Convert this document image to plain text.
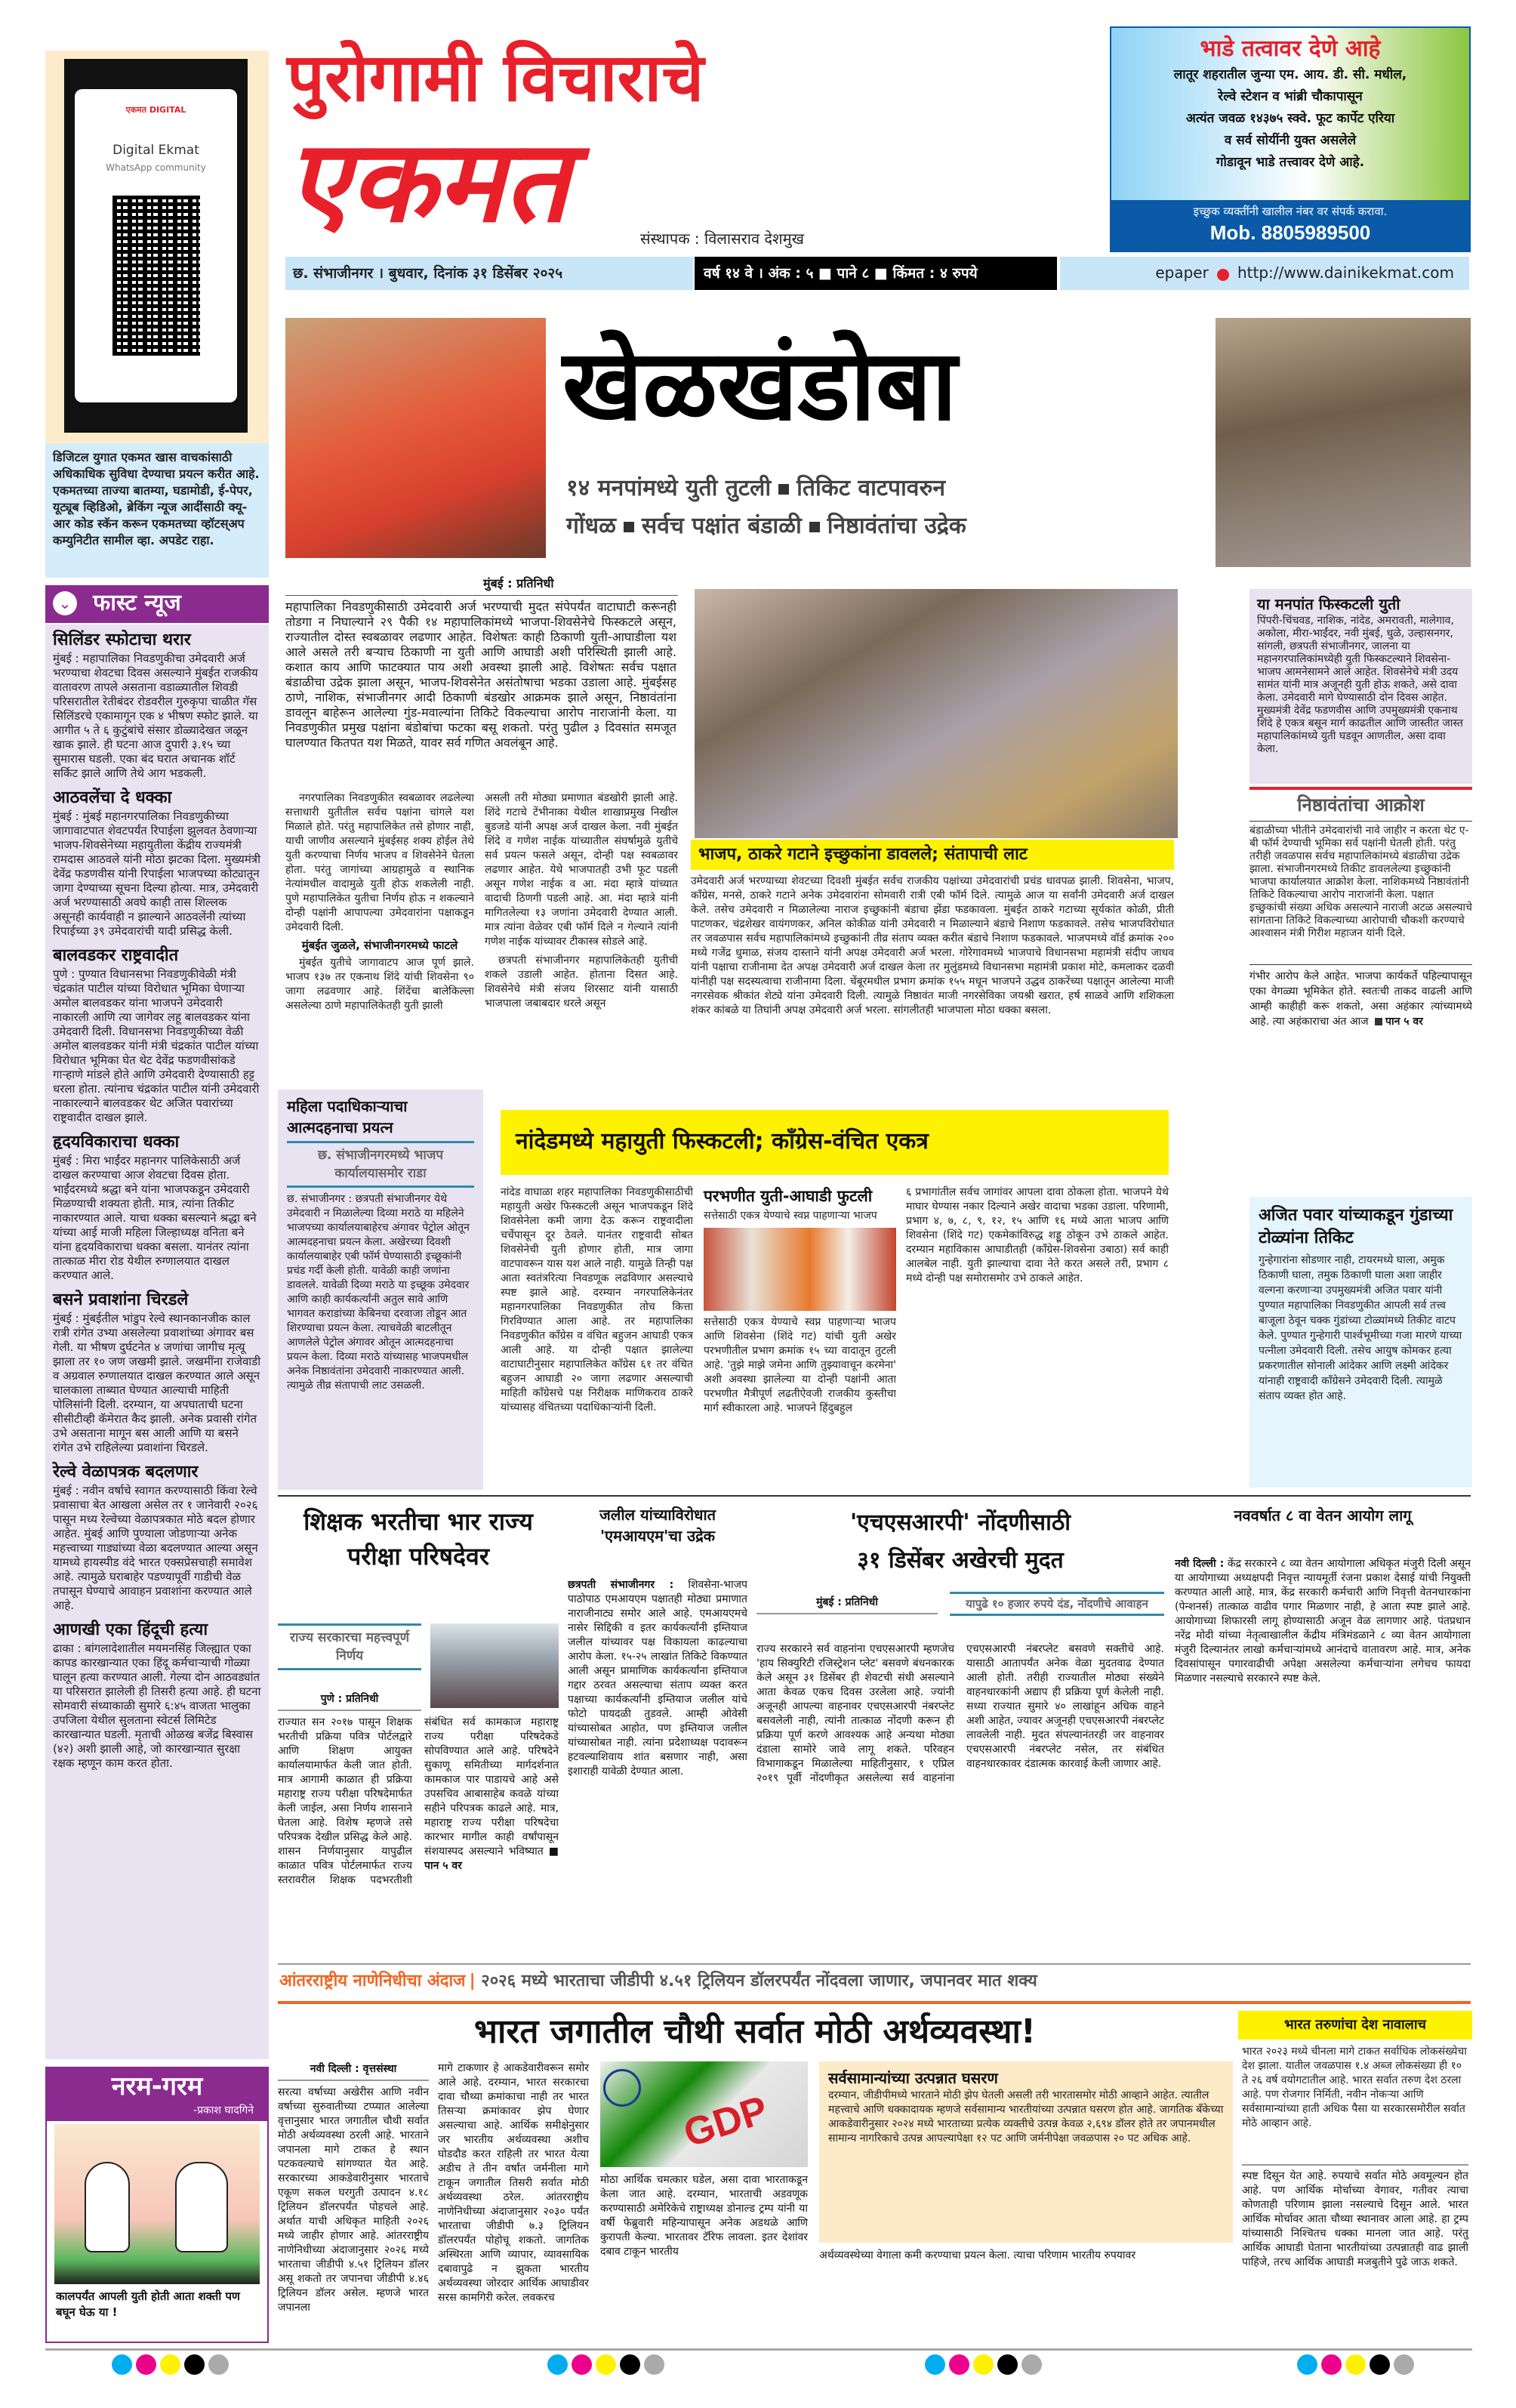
एकमत DIGITAL
Digital Ekmat
WhatsApp community
डिजिटल युगात एकमत खास वाचकांसाठी अधिकाधिक सुविधा देण्याचा प्रयत्न करीत आहे. एकमतच्या ताज्या बातम्या, घडामोडी, ई-पेपर, यूट्यूब व्हिडिओ, ब्रेकिंग न्यूज आदींसाठी क्यू-आर कोड स्कॅन करून एकमतच्या व्हॉटस्अप कम्युनिटीत सामील व्हा. अपडेट राहा.
पुरोगामी विचाराचे
एकमत	संस्थापक : विलासराव देशमुख
छ. संभाजीनगर । बुधवार, दिनांक ३१ डिसेंबर २०२५	वर्ष १४ वे । अंक : ५ ■ पाने ८ ■ किंमत : ४ रुपये	epaper http://www.dainikekmat.com
भाडे तत्वावर देणे आहे
लातूर शहरातील जुन्या एम. आय. डी. सी. मधील,
रेल्वे स्टेशन व भांब्री चौकापासून
अत्यंत जवळ १४३७५ स्क्वे. फूट कार्पेट एरिया
व सर्व सोयींनी युक्त असलेले
गोडावून भाडे तत्त्वावर देणे आहे.
इच्छुक व्यक्तींनी खालील नंबर वर संपर्क करावा.
Mob. 8805989500
⌄ फास्ट न्यूज
सिलिंडर स्फोटाचा थरार
मुंबई : महापालिका निवडणुकीचा उमेदवारी अर्ज भरण्याचा शेवटचा दिवस असल्याने मुंबईत राजकीय वातावरण तापले असताना वडाळ्यातील शिवडी परिसरातील रेतीबंदर रोडवरील गुरुकृपा चाळीत गॅस सिलिंडरचे एकामागून एक ४ भीषण स्फोट झाले. या आगीत ५ ते ६ कुटुंबांचे संसार डोळ्यादेखत जळून खाक झाले. ही घटना आज दुपारी ३.१५ च्या सुमारास घडली. एका बंद घरात अचानक शॉर्ट सर्किट झाले आणि तेथे आग भडकली.
आठवलेंचा दे धक्का
मुंबई : मुंबई महानगरपालिका निवडणुकीच्या जागावाटपात शेवटपर्यंत रिपाईला झुलवत ठेवणाऱ्या भाजप-शिवसेनेच्या महायुतीला केंद्रीय राज्यमंत्री रामदास आठवले यांनी मोठा झटका दिला. मुख्यमंत्री देवेंद्र फडणवीस यांनी रिपाईला भाजपच्या कोट्यातून जागा देण्याच्या सूचना दिल्या होत्या. मात्र, उमेदवारी अर्ज भरण्यासाठी अवघे काही तास शिल्लक असूनही कार्यवाही न झाल्याने आठवलेंनी त्यांच्या रिपाईच्या ३९ उमेदवारांची यादी प्रसिद्ध केली.
बालवडकर राष्ट्रवादीत
पुणे : पुण्यात विधानसभा निवडणुकीवेळी मंत्री चंद्रकांत पाटील यांच्या विरोधात भूमिका घेणाऱ्या अमोल बालवडकर यांना भाजपने उमेदवारी नाकारली आणि त्या जागेवर लहू बालवडकर यांना उमेदवारी दिली. विधानसभा निवडणुकीच्या वेळी अमोल बालवडकर यांनी मंत्री चंद्रकांत पाटील यांच्या विरोधात भूमिका घेत थेट देवेंद्र फडणवीसांकडे गाऱ्हाणे मांडले होते आणि उमेदवारी देण्यासाठी हट्ट धरला होता. त्यांनाच चंद्रकांत पाटील यांनी उमेदवारी नाकारल्याने बालवडकर थेट अजित पवारांच्या राष्ट्रवादीत दाखल झाले.
हृदयविकाराचा धक्का
मुंबई : मिरा भाईंदर महानगर पालिकेसाठी अर्ज दाखल करण्याचा आज शेवटचा दिवस होता. भाईंदरमध्ये श्रद्धा बने यांना भाजपकडून उमेदवारी मिळण्याची शक्यता होती. मात्र, त्यांना तिकीट नाकारण्यात आले. याचा धक्का बसल्याने श्रद्धा बने यांच्या आई माजी महिला जिल्हाध्यक्ष वनिता बने यांना हृदयविकाराचा धक्का बसला. यानंतर त्यांना तात्काळ मीरा रोड येथील रुग्णालयात दाखल करण्यात आले.
बसने प्रवाशांना चिरडले
मुंबई : मुंबईतील भांडुप रेल्वे स्थानकानजीक काल रात्री रांगेत उभ्या असलेल्या प्रवाशांच्या अंगावर बस गेली. या भीषण दुर्घटनेत ४ जणांचा जागीच मृत्यू झाला तर १० जण जखमी झाले. जखमींना राजेवाडी व अग्रवाल रुग्णालयात दाखल करण्यात आले असून चालकाला ताब्यात घेण्यात आल्याची माहिती पोलिसांनी दिली. दरम्यान, या अपघाताची घटना सीसीटीव्ही कॅमेरात कैद झाली. अनेक प्रवासी रांगेत उभे असताना मागून बस आली आणि या बसने रांगेत उभे राहिलेल्या प्रवाशांना चिरडले.
रेल्वे वेळापत्रक बदलणार
मुंबई : नवीन वर्षाचे स्वागत करण्यासाठी किंवा रेल्वे प्रवासाचा बेत आखला असेल तर १ जानेवारी २०२६ पासून मध्य रेल्वेच्या वेळापत्रकात मोठे बदल होणार आहेत. मुंबई आणि पुण्याला जोडणाऱ्या अनेक महत्त्वाच्या गाड्यांच्या वेळा बदलण्यात आल्या असून यामध्ये हायस्पीड वंदे भारत एक्सप्रेसचाही समावेश आहे. त्यामुळे घराबाहेर पडण्यापूर्वी गाडीची वेळ तपासून घेण्याचे आवाहन प्रवाशांना करण्यात आले आहे.
आणखी एका हिंदूची हत्या
ढाका : बांगलादेशातील मयमनसिंह जिल्ह्यात एका कापड कारखान्यात एका हिंदू कर्मचाऱ्याची गोळ्या घालून हत्या करण्यात आली. गेल्या दोन आठवड्यांत या परिसरात झालेली ही तिसरी हत्या आहे. ही घटना सोमवारी संध्याकाळी सुमारे ६:४५ वाजता भालुका उपजिला येथील सुलताना स्वेटर्स लिमिटेड कारखान्यात घडली. मृताची ओळख बजेंद्र बिस्वास (४२) अशी झाली आहे, जो कारखान्यात सुरक्षा रक्षक म्हणून काम करत होता.
नरम-गरम
-प्रकाश घादगिने
कालपर्यंत आपली युती होती आता शक्ती पण बघून घेऊ या !
खेळखंडोबा
१४ मनपांमध्ये युती तुटली तिकिट वाटपावरुन
गोंधळ सर्वच पक्षांत बंडाळी निष्ठावंतांचा उद्रेक
मुंबई : प्रतिनिधी
महापालिका निवडणुकीसाठी उमेदवारी अर्ज भरण्याची मुदत संपेपर्यंत वाटाघाटी करूनही तोडगा न निघाल्याने २९ पैकी १४ महापालिकांमध्ये भाजपा-शिवसेनेचे फिस्कटले असून, राज्यातील दोस्त स्वबळावर लढणार आहेत. विशेषतः काही ठिकाणी युती-आघाडीला यश आले असले तरी बऱ्याच ठिकाणी ना युती आणि आघाडी अशी परिस्थिती झाली आहे. कशात काय आणि फाटक्यात पाय अशी अवस्था झाली आहे. विशेषतः सर्वच पक्षात बंडाळीचा उद्रेक झाला असून, भाजप-शिवसेनेत असंतोषाचा भडका उडाला आहे. मुंबईसह ठाणे, नाशिक, संभाजीनगर आदी ठिकाणी बंडखोर आक्रमक झाले असून, निष्ठावंतांना डावलून बाहेरून आलेल्या गुंड-मवाल्यांना तिकिटे विकल्याचा आरोप नाराजांनी केला. या निवडणुकीत प्रमुख पक्षांना बंडोबांचा फटका बसू शकतो. परंतु पुढील ३ दिवसांत समजूत घालण्यात कितपत यश मिळते, यावर सर्व गणित अवलंबून आहे.

नगरपालिका निवडणुकीत स्वबळावर लढलेल्या सत्ताधारी युतीतील सर्वच पक्षांना चांगले यश मिळाले होते. परंतु महापालिकेत तसे होणार नाही, याची जाणीव असल्याने मुंबईसह शक्य होईल तेथे युती करण्याचा निर्णय भाजप व शिवसेनेने घेतला होता. परंतु जागांच्या आग्रहामुळे व स्थानिक नेत्यांमधील वादामुळे युती होऊ शकलेली नाही. पुणे महापालिकेत युतीचा निर्णय होऊ न शकल्याने दोन्ही पक्षांनी आपापल्या उमेदवारांना पक्षाकडून उमेदवारी दिली.

मुंबईत जुळले, संभाजीनगरमध्ये फाटले

मुंबईत युतीचे जागावाटप आज पूर्ण झाले. भाजप १३७ तर एकनाथ शिंदे यांची शिवसेना ९० जागा लढवणार आहे. शिंदेंचा बालेकिल्ला असलेल्या ठाणे महापालिकेतही युती झाली

असली तरी मोठ्या प्रमाणात बंडखोरी झाली आहे. शिंदे गटाचे टेंभीनाका येथील शाखाप्रमुख निखील बुडजडे यांनी अपक्ष अर्ज दाखल केला. नवी मुंबईत शिंदे व गणेश नाईक यांच्यातील संघर्षामुळे युतीचे सर्व प्रयत्न फसले असून, दोन्ही पक्ष स्वबळावर लढणार आहेत. येथे भाजपातही उभी फूट पडली असून गणेश नाईक व आ. मंदा म्हात्रे यांच्यात वादाची ठिणगी पडली आहे. आ. मंदा म्हात्रे यांनी मागितलेल्या १३ जणांना उमेदवारी देण्यात आली. मात्र त्यांना वेळेवर एबी फॉर्म दिले न गेल्याने त्यांनी गणेश नाईक यांच्यावर टीकास्त्र सोडले आहे.

छत्रपती संभाजीनगर महापालिकेतही युतीची शकले उडाली आहेत. होताना दिसत आहे. शिवसेनेचे मंत्री संजय शिरसाट यांनी यासाठी भाजपाला जबाबदार धरले असून

भाजप, ठाकरे गटाने इच्छुकांना डावलले; संतापाची लाट
उमेदवारी अर्ज भरण्याच्या शेवटच्या दिवशी मुंबईत सर्वच राजकीय पक्षांच्या उमेदवारांची प्रचंड धावपळ झाली. शिवसेना, भाजप, काँग्रेस, मनसे, ठाकरे गटाने अनेक उमेदवारांना सोमवारी रात्री एबी फॉर्म दिले. त्यामुळे आज या सर्वांनी उमेदवारी अर्ज दाखल केले. तसेच उमेदवारी न मिळालेल्या नाराज इच्छुकांनी बंडाचा झेंडा फडकावला. मुंबईत ठाकरे गटाच्या सूर्यकांत कोळी, प्रीती पाटणकर, चंद्रशेखर वायंगणकर, अनिल कोकीळ यांनी उमेदवारी न मिळाल्याने बंडाचे निशाण फडकावले. तसेच भाजपविरोधात तर जवळपास सर्वच महापालिकांमध्ये इच्छुकांनी तीव्र संताप व्यक्त करीत बंडाचे निशाण फडकावले. भाजपमध्ये वॉर्ड क्रमांक २०० मध्ये गजेंद्र धुमाळ, संजय दास्ताने यांनी अपक्ष उमेदवारी अर्ज भरला. गोरेगावमध्ये भाजपाचे विधानसभा महामंत्री संदीप जाधव यांनी पक्षाचा राजीनामा देत अपक्ष उमेदवारी अर्ज दाखल केला तर मुलुंडमध्ये विधानसभा महामंत्री प्रकाश मोटे, कमलाकर दळवी यांनीही पक्ष सदस्यत्वाचा राजीनामा दिला. चेंबूरमधील प्रभाग क्रमांक १५५ मधून भाजपने उद्धव ठाकरेंच्या पक्षातून आलेल्या माजी नगरसेवक श्रीकांत शेट्ये यांना उमेदवारी दिली. त्यामुळे निष्ठावंत माजी नगरसेविका जयश्री खरात, हर्ष साळवे आणि शशिकला शंकर कांबळे या तिघांनी अपक्ष उमेदवारी अर्ज भरला. सांगलीतही भाजपाला मोठा धक्का बसला.
या मनपांत फिस्कटली युती
पिंपरी-चिंचवड, नाशिक, नांदेड, अमरावती, मालेगाव, अकोला, मीरा-भाईंदर, नवी मुंबई, धुळे, उल्हासनगर, सांगली, छत्रपती संभाजीनगर, जालना या महानगरपालिकांमध्येही युती फिस्कटल्याने शिवसेना-भाजप आमनेसामने आले आहेत. शिवसेनेचे मंत्री उदय सामंत यांनी मात्र अजूनही युती होऊ शकते, असे दावा केला. उमेदवारी मागे घेण्यासाठी दोन दिवस आहेत. मुख्यमंत्री देवेंद्र फडणवीस आणि उपमुख्यमंत्री एकनाथ शिंदे हे एकत्र बसून मार्ग काढतील आणि जास्तीत जास्त महापालिकांमध्ये युती घडवून आणतील, असा दावा केला.
निष्ठावंतांचा आक्रोश
बंडाळीच्या भीतीने उमेदवारांची नावे जाहीर न करता थेट ए-बी फॉर्म देण्याची भूमिका सर्व पक्षांनी घेतली होती. परंतु तरीही जवळपास सर्वच महापालिकांमध्ये बंडाळीचा उद्रेक झाला. संभाजीनगरमध्ये तिकीट डावललेल्या इच्छुकांनी भाजपा कार्यालयात आक्रोश केला. नाशिकमध्ये निष्ठावंतांनी तिकिटे विकल्याचा आरोप नाराजांनी केला. पक्षात इच्छुकांची संख्या अधिक असल्याने नाराजी अटळ असल्याचे सांगताना तिकिटे विकल्याच्या आरोपाची चौकशी करण्याचे आश्वासन मंत्री गिरीश महाजन यांनी दिले.
गंभीर आरोप केले आहेत. भाजपा कार्यकर्ते पहिल्यापासून एका वेगळ्या भूमिकेत होते. स्वतःची ताकद वाढली आणि आम्ही काहीही करू शकतो, असा अहंकार त्यांच्यामध्ये आहे. त्या अहंकाराचा अंत आज पान ५ वर
अजित पवार यांच्याकडून गुंडाच्या टोळ्यांना तिकिट
गुन्हेगारांना सोडणार नाही, टायरमध्ये घाला, अमुक ठिकाणी घाला, तमुक ठिकाणी घाला अशा जाहीर वल्गना करणाऱ्या उपमुख्यमंत्री अजित पवार यांनी पुण्यात महापालिका निवडणुकीत आपली सर्व तत्त्व बाजूला ठेवून चक्क गुंडांच्या टोळ्यांमध्ये तिकीट वाटप केले. पुण्यात गुन्हेगारी पार्श्वभूमीच्या गजा मारणे याच्या पत्नीला उमेदवारी दिली. तसेच आयुष कोमकर हत्या प्रकरणातील सोनाली आंदेकर आणि लक्ष्मी आंदेकर यांनाही राष्ट्रवादी काँग्रेसने उमेदवारी दिली. त्यामुळे संताप व्यक्त होत आहे.
महिला पदाधिकाऱ्याचा आत्मदहनाचा प्रयत्न
छ. संभाजीनगरमध्ये भाजप कार्यालयासमोर राडा
छ. संभाजीनगर : छत्रपती संभाजीनगर येथे उमेदवारी न मिळालेल्या दिव्या मराठे या महिलेने भाजपच्या कार्यालयाबाहेरच अंगावर पेट्रोल ओतून आत्मदहनाचा प्रयत्न केला. अखेरच्या दिवशी कार्यालयाबाहेर एबी फॉर्म घेण्यासाठी इच्छूकांनी प्रचंड गर्दी केली होती. यावेळी काही जणांना डावलले. यावेळी दिव्या मराठे या इच्छूक उमेदवार आणि काही कार्यकर्त्यांनी अतुल सावे आणि भागवत कराडांच्या केबिनचा दरवाजा तोडून आत शिरण्याचा प्रयत्न केला. त्याचवेळी बाटलीतून आणलेले पेट्रोल अंगावर ओतून आत्मदहनाचा प्रयत्न केला. दिव्या मराठे यांच्यासह भाजपमधील अनेक निष्ठावंतांना उमेदवारी नाकारण्यात आली. त्यामुळे तीव्र संतापाची लाट उसळली.
नांदेडमध्ये महायुती फिस्कटली; काँग्रेस-वंचित एकत्र
नांदेड वाघाळा शहर महापालिका निवडणुकीसाठीची महायुती अखेर फिस्कटली असून भाजपकडून शिंदे शिवसेनेला कमी जागा देऊ करून राष्ट्रवादीला चर्चेपासून दूर ठेवले. यानंतर राष्ट्रवादी सोबत शिवसेनेची युती होणार होती, मात्र जागा वाटपावरून यास यश आले नाही. यामुळे तिन्ही पक्ष आता स्वतंत्ररित्या निवडणूक लढविणार असल्याचे स्पष्ट झाले आहे. दरम्यान नगरपालिकेनंतर महानगरपालिका निवडणुकीत तोच कित्ता गिरविण्यात आला आहे. तर महापालिका निवडणुकीत काँग्रेस व वंचित बहुजन आघाडी एकत्र आली आहे. या दोन्ही पक्षात झालेल्या वाटाघाटीनुसार महापालिकेत काँग्रेस ६१ तर वंचित बहुजन आघाडी २० जागा लढणार असल्याची माहिती काँग्रेसचे पक्ष निरीक्षक माणिकराव ठाकरे यांच्यासह वंचितच्या पदाधिकाऱ्यांनी दिली.
परभणीत युती-आघाडी फुटली
सत्तेसाठी एकत्र येण्याचे स्वप्न पाहणाऱ्या भाजप
सत्तेसाठी एकत्र येण्याचे स्वप्न पाहणाऱ्या भाजप आणि शिवसेना (शिंदे गट) यांची युती अखेर परभणीतील प्रभाग क्रमांक १५ च्या वादातून तुटली आहे. 'तुझे माझे जमेना आणि तुझ्यावाचून करमेना' अशी अवस्था झालेल्या या दोन्ही पक्षांनी आता परभणीत मैत्रीपूर्ण लढतीऐवजी राजकीय कुस्तीचा मार्ग स्वीकारला आहे. भाजपने हिंदुबहुल
६ प्रभागांतील सर्वच जागांवर आपला दावा ठोकला होता. भाजपने येथे माघार घेण्यास नकार दिल्याने अखेर वादाचा भडका उडाला. परिणामी, प्रभाग ४, ७, ८, ९, १२, १५ आणि १६ मध्ये आता भाजप आणि शिवसेना (शिंदे गट) एकमेकांविरुद्ध शड्डू ठोकून उभे ठाकले आहेत. दरम्यान महाविकास आघाडीतही (काँग्रेस-शिवसेना उबाठा) सर्व काही आलबेल नाही. युती झाल्याचा दावा नेते करत असले तरी, प्रभाग ८ मध्ये दोन्ही पक्ष समोरासमोर उभे ठाकले आहेत.
शिक्षक भरतीचा भार राज्य परीक्षा परिषदेवर
राज्य सरकारचा महत्त्वपूर्ण निर्णय
पुणे : प्रतिनिधी
राज्यात सन २०१७ पासून शिक्षक भरतीची प्रक्रिया पवित्र पोर्टलद्वारे आणि शिक्षण आयुक्त कार्यालयामार्फत केली जात होती. मात्र आगामी काळात ही प्रक्रिया महाराष्ट्र राज्य परीक्षा परिषदेमार्फत केली जाईल, असा निर्णय शासनाने घेतला आहे. विशेष म्हणजे तसे परिपत्रक देखील प्रसिद्ध केले आहे. शासन निर्णयानुसार यापुढील काळात पवित्र पोर्टलमार्फत राज्य स्तरावरील शिक्षक पदभरतीशी संबंधित सर्व कामकाज महाराष्ट्र राज्य परीक्षा परिषदेकडे सोपविण्यात आले आहे. परिषदेने सुकाणू समितीच्या मार्गदर्शनात कामकाज पार पाडायचे आहे असे उपसचिव आबासाहेब कवळे यांच्या सहीने परिपत्रक काढले आहे. मात्र, महाराष्ट्र राज्य परीक्षा परिषदेचा कारभार मागील काही वर्षांपासून संशयास्पद असल्याने भविष्यात ■ पान ५ वर
जलील यांच्याविरोधात 'एमआयएम'चा उद्रेक
छत्रपती संभाजीनगर : शिवसेना-भाजप पाठोपाठ एमआयएम पक्षातही मोठ्या प्रमाणात नाराजीनाट्य समोर आले आहे. एमआयएमचे नासेर सिद्दिकी व इतर कार्यकर्त्यांनी इम्तियाज जलील यांच्यावर पक्ष विकायला काढल्याचा आरोप केला. १५-२५ लाखांत तिकिटे विकण्यात आली असून प्रामाणिक कार्यकर्त्यांना इम्तियाज गद्दार ठरवत असल्याचा संताप व्यक्त करत पक्षाच्या कार्यकर्त्यांनी इम्तियाज जलील यांचे फोटो पायदळी तुडवले. आम्ही ओवेसी यांच्यासोबत आहोत, पण इम्तियाज जलील यांच्यासोबत नाही. त्यांना प्रदेशाध्यक्ष पदावरून हटवल्याशिवाय शांत बसणार नाही, असा इशाराही यावेळी देण्यात आला.
'एचएसआरपी' नोंदणीसाठी
३१ डिसेंबर अखेरची मुदत
मुंबई : प्रतिनिधी	यापुढे १० हजार रुपये दंड, नोंदणीचे आवाहन
राज्य सरकारने सर्व वाहनांना एचएसआरपी म्हणजेच 'हाय सिक्युरिटी रजिस्ट्रेशन प्लेट' बसवणे बंधनकारक केले असून ३१ डिसेंबर ही शेवटची संधी असल्याने आता केवळ एकच दिवस उरलेला आहे. ज्यांनी अजूनही आपल्या वाहनावर एचएसआरपी नंबरप्लेट बसवलेली नाही, त्यांनी तात्काळ नोंदणी करून ही प्रक्रिया पूर्ण करणे आवश्यक आहे अन्यथा मोठ्या दंडाला सामोरे जावे लागू शकते. परिवहन विभागाकडून मिळालेल्या माहितीनुसार, १ एप्रिल २०१९ पूर्वी नोंदणीकृत असलेल्या सर्व वाहनांना एचएसआरपी नंबरप्लेट बसवणे सक्तीचे आहे. यासाठी आतापर्यंत अनेक वेळा मुदतवाढ देण्यात आली होती. तरीही राज्यातील मोठ्या संख्येने वाहनधारकांनी अद्याप ही प्रक्रिया पूर्ण केलेली नाही. सध्या राज्यात सुमारे ४० लाखांहून अधिक वाहने अशी आहेत, ज्यावर अजूनही एचएसआरपी नंबरप्लेट लावलेली नाही. मुदत संपल्यानंतरही जर वाहनावर एचएसआरपी नंबरप्लेट नसेल, तर संबंधित वाहनधारकावर दंडात्मक कारवाई केली जाणार आहे.
नववर्षात ८ वा वेतन आयोग लागू
नवी दिल्ली : केंद्र सरकारने ८ व्या वेतन आयोगाला अधिकृत मंजुरी दिली असून या आयोगाच्या अध्यक्षपदी निवृत्त न्यायमूर्ती रंजना प्रकाश देसाई यांची नियुक्ती करण्यात आली आहे. मात्र, केंद्र सरकारी कर्मचारी आणि निवृत्ती वेतनधारकांना (पेन्शनर्स) तात्काळ वाढीव पगार मिळणार नाही, हे आता स्पष्ट झाले आहे. आयोगाच्या शिफारसी लागू होण्यासाठी अजून वेळ लागणार आहे. पंतप्रधान नरेंद्र मोदी यांच्या नेतृत्वाखालील केंद्रीय मंत्रिमंडळाने ८ व्या वेतन आयोगाला मंजुरी दिल्यानंतर लाखो कर्मचाऱ्यांमध्ये आनंदाचे वातावरण आहे. मात्र, अनेक दिवसांपासून पगारवाढीची अपेक्षा असलेल्या कर्मचाऱ्यांना लगेचच फायदा मिळणार नसल्याचे सरकारने स्पष्ट केले.
आंतरराष्ट्रीय नाणेनिधीचा अंदाज | २०२६ मध्ये भारताचा जीडीपी ४.५१ ट्रिलियन डॉलरपर्यंत नोंदवला जाणार, जपानवर मात शक्य
भारत जगातील चौथी सर्वात मोठी अर्थव्यवस्था!
नवी दिल्ली : वृत्तसंस्था
सरत्या वर्षाच्या अखेरीस आणि नवीन वर्षाच्या सुरुवातीच्या टप्प्यात आलेल्या वृत्तानुसार भारत जगातील चौथी सर्वात मोठी अर्थव्यवस्था ठरली आहे. भारताने जपानला मागे टाकत हे स्थान पटकवल्याचे सांगण्यात येत आहे. सरकारच्या आकडेवारीनुसार भारताचे एकूण सकल घरगुती उत्पादन ४.१८ ट्रिलियन डॉलरपर्यंत पोहचले आहे. अर्थात याची अधिकृत माहिती २०२६ मध्ये जाहीर होणार आहे. आंतरराष्ट्रीय नाणेनिधीच्या अंदाजानुसार २०२६ मध्ये भारताचा जीडीपी ४.५१ ट्रिलियन डॉलर असू शकतो तर जपानचा जीडीपी ४.४६ ट्रिलियन डॉलर असेल. म्हणजे भारत जपानला
मागे टाकणार हे आकडेवारीवरून समोर आले आहे. दरम्यान, भारत सरकारचा दावा चौथ्या क्रमांकाचा नाही तर भारत तिसऱ्या क्रमांकावर झेप घेणार असल्याचा आहे. आर्थिक समीक्षेनुसार जर भारतीय अर्थव्यवस्था अशीच घोडदौड करत राहिली तर भारत येत्या अडीच ते तीन वर्षांत जर्मनीला मागे टाकून जगातील तिसरी सर्वात मोठी अर्थव्यवस्था ठरेल. आंतरराष्ट्रीय नाणेनिधीच्या अंदाजानुसार २०३० पर्यंत भारताचा जीडीपी ७.३ ट्रिलियन डॉलरपर्यंत पोहोचू शकतो. जागतिक अस्थिरता आणि व्यापार, व्यावसायिक दबावापुढे न झुकता भारतीय अर्थव्यवस्था जोरदार आर्थिक आघाडीवर सरस कामगिरी करेल. लवकरच
GDP
मोठा आर्थिक चमत्कार घडेल, असा दावा भारताकडून केला जात आहे. दरम्यान, भारताची अडवणूक करण्यासाठी अमेरिकेचे राष्ट्राध्यक्ष डोनाल्ड ट्रम्प यांनी या वर्षी फेब्रुवारी महिन्यापासून अनेक अडथळे आणि कुरापती केल्या. भारतावर टॅरिफ लावला. इतर देशांवर दबाव टाकून भारतीय
सर्वसामान्यांच्या उत्पन्नात घसरण
दरम्यान, जीडीपीमध्ये भारताने मोठी झेप घेतली असली तरी भारतासमोर मोठी आव्हाने आहेत. त्यातील महत्त्वाचे आणि धक्कादायक म्हणजे सर्वसामान्य भारतीयांच्या उत्पन्नात घसरण होत आहे. जागतिक बँकेच्या आकडेवारीनुसार २०२४ मध्ये भारताच्या प्रत्येक व्यक्तीचे उत्पन्न केवळ २,६९४ डॉलर होते तर जपानमधील सामान्य नागरिकाचे उत्पन्न आपल्यापेक्षा १२ पट आणि जर्मनीपेक्षा जवळपास २० पट अधिक आहे.
अर्थव्यवस्थेच्या वेगाला कमी करण्याचा प्रयत्न केला. त्याचा परिणाम भारतीय रुपयावर
भारत तरुणांचा देश नावालाच
भारत २०२३ मध्ये चीनला मागे टाकत सर्वाधिक लोकसंख्येचा देश झाला. यातील जवळपास १.४ अब्ज लोकसंख्या ही १० ते २६ वर्ष वयोगटातील आहे. भारत सर्वात तरुण देश ठरला आहे. पण रोजगार निर्मिती, नवीन नोकऱ्या आणि सर्वसामान्यांच्या हाती अधिक पैसा या सरकारसमोरील सर्वात मोठे आव्हान आहे.
स्पष्ट दिसून येत आहे. रुपयाचे सर्वात मोठे अवमूल्यन होत आहे. पण आर्थिक मोर्चाच्या वेगावर, गतीवर त्याचा कोणताही परिणाम झाला नसल्याचे दिसून आले. भारत आर्थिक मोर्चावर आता चौथ्या स्थानावर आला आहे. हा ट्रम्प यांच्यासाठी निश्चितच धक्का मानला जात आहे. परंतु आर्थिक आघाडी घेताना भारतीयांच्या उत्पन्नातही वाढ झाली पाहिजे, तरच आर्थिक आघाडी मजबुतीने पुढे जाऊ शकते.
